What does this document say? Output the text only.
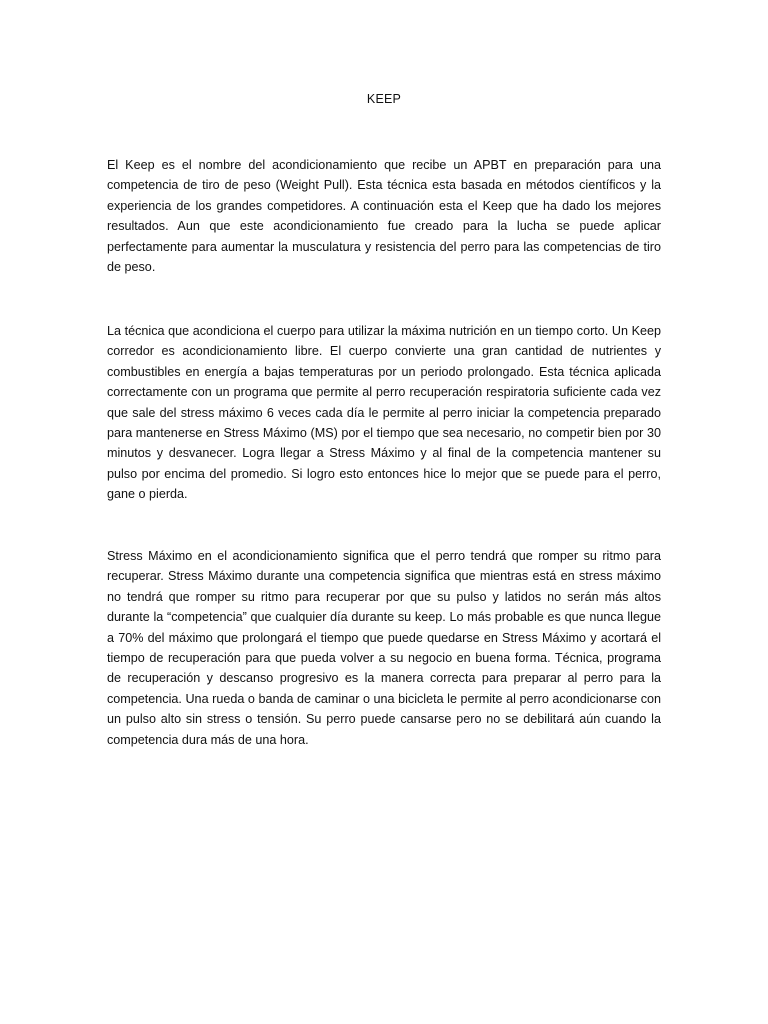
KEEP

El Keep es el nombre del acondicionamiento que recibe un APBT en preparación para una competencia de tiro de peso (Weight Pull). Esta técnica esta basada en métodos científicos y la experiencia de los grandes competidores. A continuación esta el Keep que ha dado los mejores resultados. Aun que este acondicionamiento fue creado para la lucha se puede aplicar perfectamente para aumentar la musculatura y resistencia del perro para las competencias de tiro de peso.

La técnica que acondiciona el cuerpo para utilizar la máxima nutrición en un tiempo corto. Un Keep corredor es acondicionamiento libre. El cuerpo convierte una gran cantidad de nutrientes y combustibles en energía a bajas temperaturas por un periodo prolongado. Esta técnica aplicada correctamente con un programa que permite al perro recuperación respiratoria suficiente cada vez que sale del stress máximo 6 veces cada día le permite al perro iniciar la competencia preparado para mantenerse en Stress Máximo (MS) por el tiempo que sea necesario, no competir bien por 30 minutos y desvanecer. Logra llegar a Stress Máximo y al final de la competencia mantener su pulso por encima del promedio. Si logro esto entonces hice lo mejor que se puede para el perro, gane o pierda.

Stress Máximo en el acondicionamiento significa que el perro tendrá que romper su ritmo para recuperar. Stress Máximo durante una competencia significa que mientras está en stress máximo no tendrá que romper su ritmo para recuperar por que su pulso y latidos no serán más altos durante la “competencia” que cualquier día durante su keep. Lo más probable es que nunca llegue a 70% del máximo que prolongará el tiempo que puede quedarse en Stress Máximo y acortará el tiempo de recuperación para que pueda volver a su negocio en buena forma. Técnica, programa de recuperación y descanso progresivo es la manera correcta para preparar al perro para la competencia. Una rueda o banda de caminar o una bicicleta le permite al perro acondicionarse con un pulso alto sin stress o tensión. Su perro puede cansarse pero no se debilitará aún cuando la competencia dura más de una hora.
